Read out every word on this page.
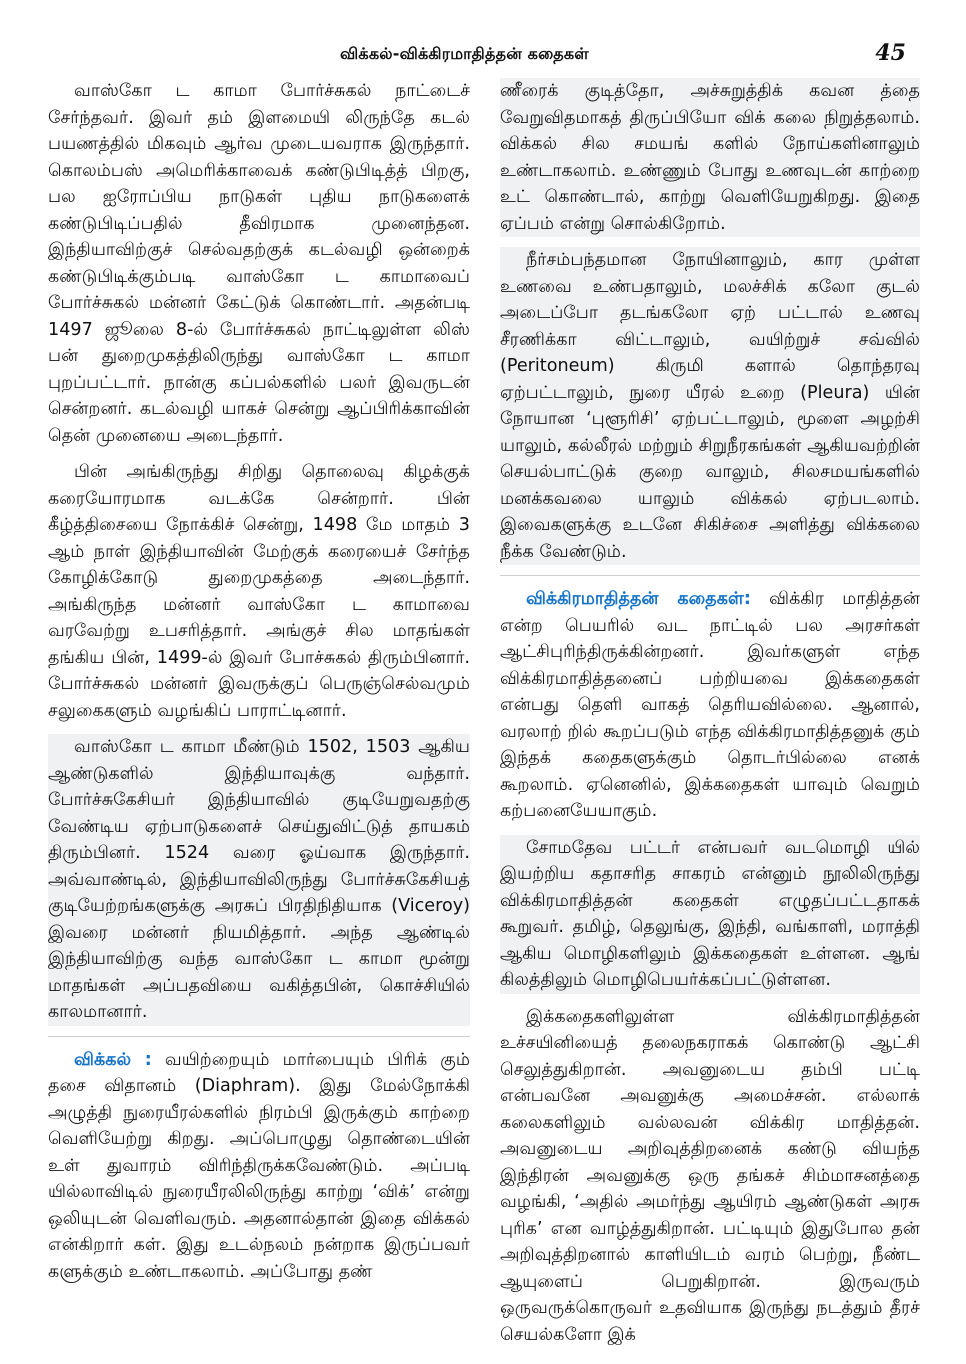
விக்கல்-விக்கிரமாதித்தன் கதைகள்	45

வாஸ்கோ ட காமா போர்ச்சுகல் நாட்டைச் சேர்ந்தவர். இவர் தம் இளமையி லிருந்தே கடல் பயணத்தில் மிகவும் ஆர்வ முடையவராக இருந்தார். கொலம்பஸ் அமெரிக்காவைக் கண்டுபிடித்த் பிறகு, பல ஐரோப்பிய நாடுகள் புதிய நாடுகளைக் கண்டுபிடிப்பதில் தீவிரமாக முனைந்தன. இந்தியாவிற்குச் செல்வதற்குக் கடல்வழி ஒன்றைக் கண்டுபிடிக்கும்படி வாஸ்கோ ட காமாவைப் போர்ச்சுகல் மன்னர் கேட்டுக் கொண்டார். அதன்படி 1497 ஜூலை 8-ல் போர்ச்சுகல் நாட்டிலுள்ள லிஸ் பன் துறைமுகத்திலிருந்து வாஸ்கோ ட காமா புறப்பட்டார். நான்கு கப்பல்களில் பலர் இவருடன் சென்றனர். கடல்வழி யாகச் சென்று ஆப்பிரிக்காவின் தென் முனையை அடைந்தார்.

பின் அங்கிருந்து சிறிது தொலைவு கிழக்குக் கரையோரமாக வடக்கே சென்றார். பின் கீழ்த்திசையை நோக்கிச் சென்று, 1498 மே மாதம் 3 ஆம் நாள் இந்தியாவின் மேற்குக் கரையைச் சேர்ந்த கோழிக்கோடு துறைமுகத்தை அடைந்தார். அங்கிருந்த மன்னர் வாஸ்கோ ட காமாவை வரவேற்று உபசரித்தார். அங்குச் சில மாதங்கள் தங்கிய பின், 1499-ல் இவர் போச்சுகல் திரும்பினார். போர்ச்சுகல் மன்னர் இவருக்குப் பெருஞ்செல்வமும் சலுகைகளும் வழங்கிப் பாராட்டினார்.

வாஸ்கோ ட காமா மீண்டும் 1502, 1503 ஆகிய ஆண்டுகளில் இந்தியாவுக்கு வந்தார். போர்ச்சுகேசியர் இந்தியாவில் குடியேறுவதற்கு வேண்டிய ஏற்பாடுகளைச் செய்துவிட்டுத் தாயகம் திரும்பினர். 1524 வரை ஓய்வாக இருந்தார். அவ்வாண்டில், இந்தியாவிலிருந்து போர்ச்சுகேசியத் குடியேற்றங்களுக்கு அரசுப் பிரதிநிதியாக (Viceroy) இவரை மன்னர் நியமித்தார். அந்த ஆண்டில் இந்தியாவிற்கு வந்த வாஸ்கோ ட காமா மூன்று மாதங்கள் அப்பதவியை வகித்தபின், கொச்சியில் காலமானார்.

விக்கல் : வயிற்றையும் மார்பையும் பிரிக் கும் தசை விதானம் (Diaphram). இது மேல்நோக்கி அழுத்தி நுரையீரல்களில் நிரம்பி இருக்கும் காற்றை வெளியேற்று கிறது. அப்பொழுது தொண்டையின் உள் துவாரம் விரிந்திருக்கவேண்டும். அப்படி யில்லாவிடில் நுரையீரலிலிருந்து காற்று ‘விக்’ என்று ஒலியுடன் வெளிவரும். அதனால்தான் இதை விக்கல் என்கிறார் கள். இது உடல்நலம் நன்றாக இருப்பவர் களுக்கும் உண்டாகலாம். அப்போது தண்

ணீரைக் குடித்தோ, அச்சுறுத்திக் கவன த்தை வேறுவிதமாகத் திருப்பியோ விக் கலை நிறுத்தலாம். விக்கல் சில சமயங் களில் நோய்களினாலும் உண்டாகலாம். உண்ணும் போது உணவுடன் காற்றை உட் கொண்டால், காற்று வெளியேறுகிறது. இதை ஏப்பம் என்று சொல்கிறோம்.

நீர்சம்பந்தமான நோயினாலும், கார முள்ள உணவை உண்பதாலும், மலச்சிக் கலோ குடல் அடைப்போ தடங்கலோ ஏற் பட்டால் உணவு சீரணிக்கா விட்டாலும், வயிற்றுச் சவ்வில் (Peritoneum) கிருமி களால் தொந்தரவு ஏற்பட்டாலும், நுரை யீரல் உறை (Pleura) யின் நோயான ‘புளூரிசி’ ஏற்பட்டாலும், மூளை அழற்சி யாலும், கல்லீரல் மற்றும் சிறுநீரகங்கள் ஆகியவற்றின் செயல்பாட்டுக் குறை வாலும், சிலசமயங்களில் மனக்கவலை யாலும் விக்கல் ஏற்படலாம். இவைகளுக்கு உடனே சிகிச்சை அளித்து விக்கலை நீக்க வேண்டும்.

விக்கிரமாதித்தன் கதைகள்: விக்கிர மாதித்தன் என்ற பெயரில் வட நாட்டில் பல அரசர்கள் ஆட்சிபுரிந்திருக்கின்றனர். இவர்களுள் எந்த விக்கிரமாதித்தனைப் பற்றியவை இக்கதைகள் என்பது தெளி வாகத் தெரியவில்லை. ஆனால், வரலாற் றில் கூறப்படும் எந்த விக்கிரமாதித்தனுக் கும் இந்தக் கதைகளுக்கும் தொடர்பில்லை எனக் கூறலாம். ஏனெனில், இக்கதைகள் யாவும் வெறும் கற்பனையேயாகும்.

சோமதேவ பட்டர் என்பவர் வடமொழி யில் இயற்றிய கதாசரித சாகரம் என்னும் நூலிலிருந்து விக்கிரமாதித்தன் கதைகள் எழுதப்பட்டதாகக் கூறுவர். தமிழ், தெலுங்கு, இந்தி, வங்காளி, மராத்தி ஆகிய மொழிகளிலும் இக்கதைகள் உள்ளன. ஆங் கிலத்திலும் மொழிபெயர்க்கப்பட்டுள்ளன.

இக்கதைகளிலுள்ள விக்கிரமாதித்தன் உச்சயினியைத் தலைநகராகக் கொண்டு ஆட்சி செலுத்துகிறான். அவனுடைய தம்பி பட்டி என்பவனே அவனுக்கு அமைச்சன். எல்லாக் கலைகளிலும் வல்லவன் விக்கிர மாதித்தன். அவனுடைய அறிவுத்திறனைக் கண்டு வியந்த இந்திரன் அவனுக்கு ஒரு தங்கச் சிம்மாசனத்தை வழங்கி, ‘அதில் அமர்ந்து ஆயிரம் ஆண்டுகள் அரசு புரிக’ என வாழ்த்துகிறான். பட்டியும் இதுபோல தன் அறிவுத்திறனால் காளியிடம் வரம் பெற்று, நீண்ட ஆயுளைப் பெறுகிறான். இருவரும் ஒருவருக்கொருவர் உதவியாக இருந்து நடத்தும் தீரச் செயல்களோ இக்
